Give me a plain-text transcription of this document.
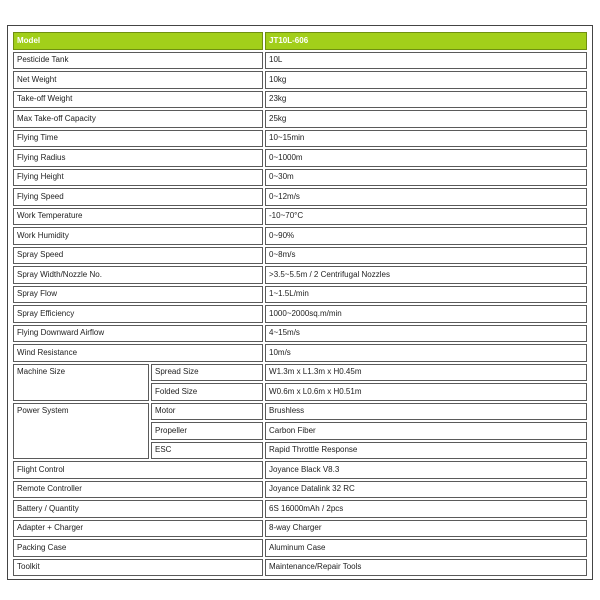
Model		JT10L-606
Pesticide Tank		10L
Net Weight		10kg
Take-off Weight		23kg
Max Take-off Capacity		25kg
Flying Time		10~15min
Flying Radius		0~1000m
Flying Height		0~30m
Flying Speed		0~12m/s
Work Temperature		-10~70°C
Work Humidity		0~90%
Spray Speed		0~8m/s
Spray Width/Nozzle No.		>3.5~5.5m / 2 Centrifugal Nozzles
Spray Flow		1~1.5L/min
Spray Efficiency		1000~2000sq.m/min
Flying Downward Airflow		4~15m/s
Wind Resistance		10m/s
Machine Size	Spread Size	W1.3m x L1.3m x H0.45m
	Folded Size	W0.6m x L0.6m x H0.51m
Power System	Motor	Brushless
	Propeller	Carbon Fiber
	ESC	Rapid Throttle Response
Flight Control		Joyance Black V8.3
Remote Controller		Joyance Datalink 32 RC
Battery / Quantity		6S 16000mAh / 2pcs
Adapter + Charger		8-way Charger
Packing Case		Aluminum Case
Toolkit		Maintenance/Repair Tools
